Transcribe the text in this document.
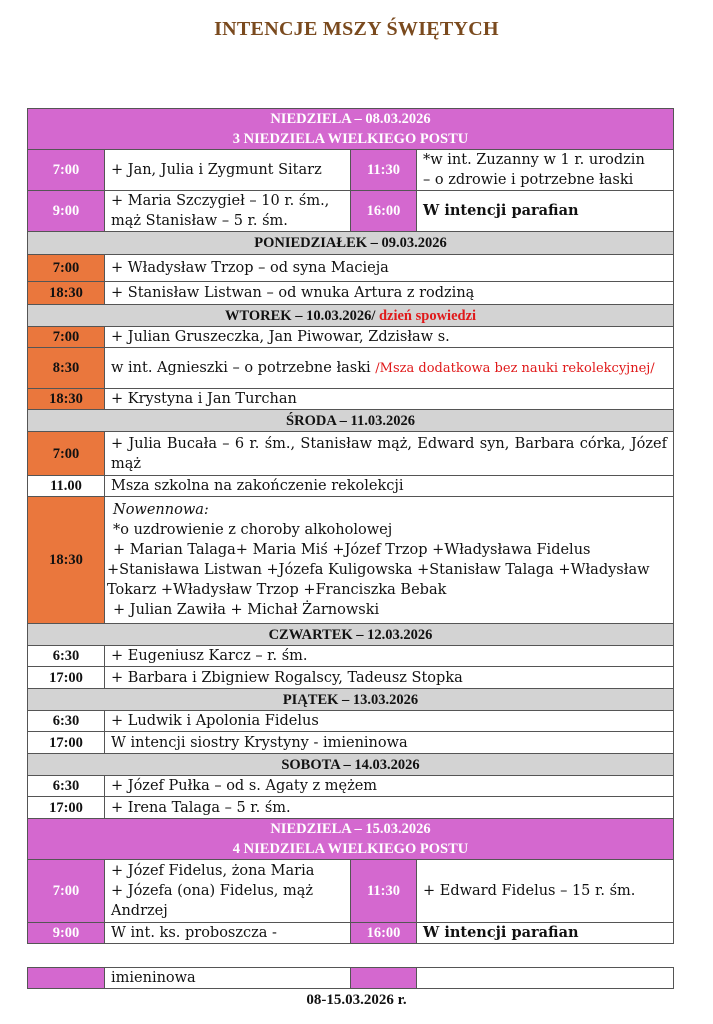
INTENCJE MSZY ŚWIĘTYCH
NIEDZIELA – 08.03.2026
3 NIEDZIELA WIELKIEGO POSTU			

7:00	+ Jan, Julia i Zygmunt Sitarz	11:30	*w int. Zuzanny w 1 r. urodzin
– o zdrowie i potrzebne łaski

9:00	+ Maria Szczygieł – 10 r. śm.,
mąż Stanisław – 5 r. śm.	16:00	W intencji parafian
PONIEDZIAŁEK – 09.03.2026			
7:00	+ Władysław Trzop – od syna Macieja		
18:30	+ Stanisław Listwan – od wnuka Artura z rodziną		
WTOREK – 10.03.2026/ dzień spowiedzi			
7:00	+ Julian Gruszeczka, Jan Piwowar, Zdzisław s.		
8:30	w int. Agnieszki – o potrzebne łaski /Msza dodatkowa bez nauki rekolekcyjnej/		
18:30	+ Krystyna i Jan Turchan		
ŚRODA – 11.03.2026			
7:00	+ Julia Bucała – 6 r. śm., Stanisław mąż, Edward syn, Barbara córka, Józef mąż		
11.00	Msza szkolna na zakończenie rekolekcji		
18:30	Nowennowa:
*o uzdrowienie z choroby alkoholowej
+ Marian Talaga+ Maria Miś +Józef Trzop +Władysława Fidelus +Stanisława Listwan +Józefa Kuligowska +Stanisław Talaga +Władysław Tokarz +Władysław Trzop +Franciszka Bebak
+ Julian Zawiła + Michał Żarnowski		

CZWARTEK – 12.03.2026			
6:30	+ Eugeniusz Karcz – r. śm.		
17:00	+ Barbara i Zbigniew Rogalscy, Tadeusz Stopka		
PIĄTEK – 13.03.2026			
6:30	+ Ludwik i Apolonia Fidelus		
17:00	W intencji siostry Krystyny - imieninowa		
SOBOTA – 14.03.2026			
6:30	+ Józef Pułka – od s. Agaty z mężem		
17:00	+ Irena Talaga – 5 r. śm.		

NIEDZIELA – 15.03.2026
4 NIEDZIELA WIELKIEGO POSTU			

7:00	+ Józef Fidelus, żona Maria
+ Józefa (ona) Fidelus, mąż Andrzej	11:30	+ Edward Fidelus – 15 r. śm.
9:00	W int. ks. proboszcza -	16:00	W intencji parafian
	imieninowa		
08-15.03.2026 r.
